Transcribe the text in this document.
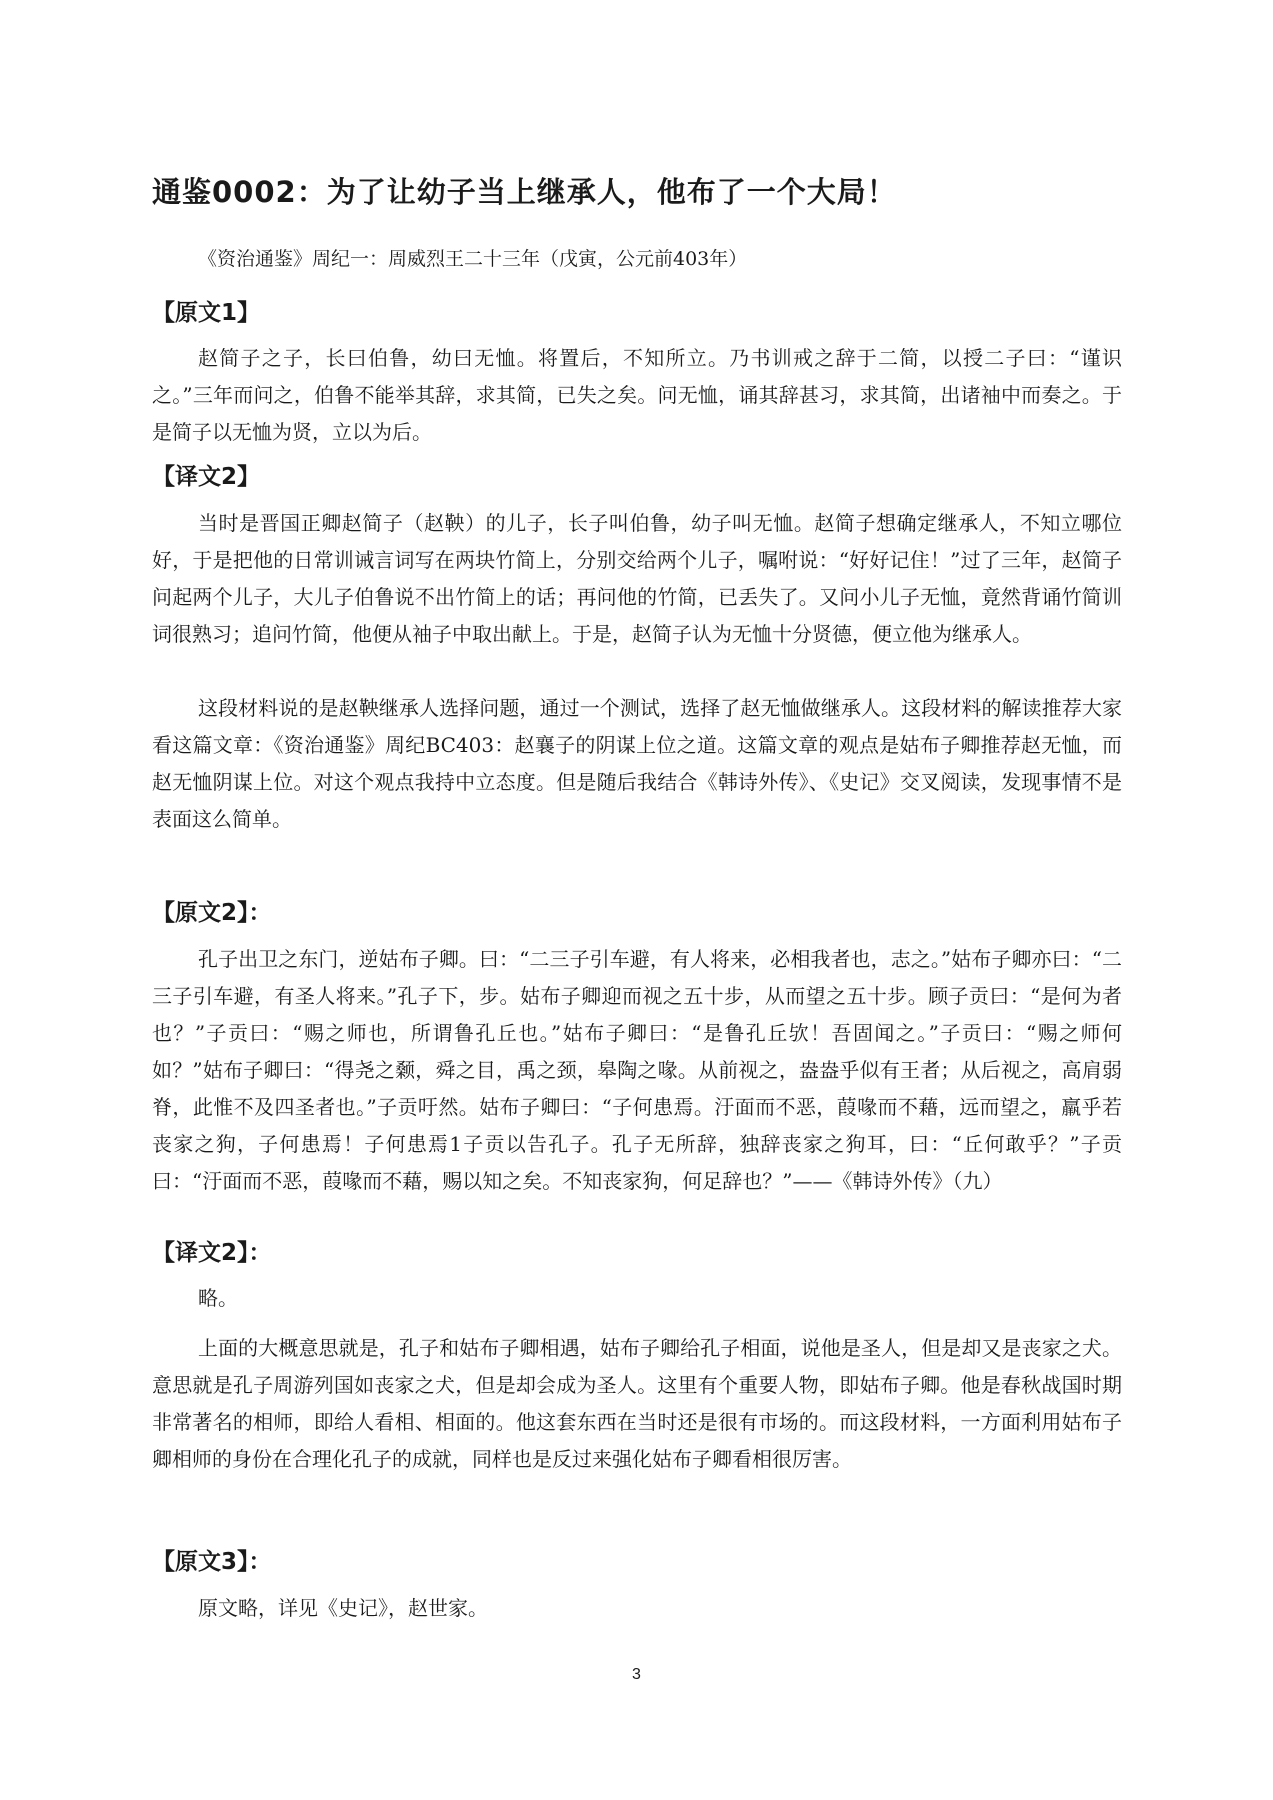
通鉴0002：为了让幼子当上继承人，他布了一个大局！
《资治通鉴》周纪一：周威烈王二十三年（戊寅，公元前403年）
【原文1】

赵简子之子，长曰伯鲁，幼曰无恤。将置后，不知所立。乃书训戒之辞于二简，以授二子曰：“谨识之。”三年而问之，伯鲁不能举其辞，求其简，已失之矣。问无恤，诵其辞甚习，求其简，出诸袖中而奏之。于是简子以无恤为贤，立以为后。

【译文2】

当时是晋国正卿赵简子（赵鞅）的儿子，长子叫伯鲁，幼子叫无恤。赵简子想确定继承人，不知立哪位好，于是把他的日常训诫言词写在两块竹简上，分别交给两个儿子，嘱咐说：“好好记住！”过了三年，赵简子问起两个儿子，大儿子伯鲁说不出竹简上的话；再问他的竹简，已丢失了。又问小儿子无恤，竟然背诵竹简训词很熟习；追问竹简，他便从袖子中取出献上。于是，赵简子认为无恤十分贤德，便立他为继承人。

这段材料说的是赵鞅继承人选择问题，通过一个测试，选择了赵无恤做继承人。这段材料的解读推荐大家看这篇文章：《资治通鉴》周纪BC403：赵襄子的阴谋上位之道。这篇文章的观点是姑布子卿推荐赵无恤，而赵无恤阴谋上位。对这个观点我持中立态度。但是随后我结合《韩诗外传》、《史记》交叉阅读，发现事情不是表面这么简单。

【原文2】：

孔子出卫之东门，逆姑布子卿。曰：“二三子引车避，有人将来，必相我者也，志之。”姑布子卿亦曰：“二三子引车避，有圣人将来。”孔子下，步。姑布子卿迎而视之五十步，从而望之五十步。顾子贡曰：“是何为者也？”子贡曰：“赐之师也，所谓鲁孔丘也。”姑布子卿曰：“是鲁孔丘欤！吾固闻之。”子贡曰：“赐之师何如？”姑布子卿曰：“得尧之颡，舜之目，禹之颈，皋陶之喙。从前视之，盎盎乎似有王者；从后视之，高肩弱脊，此惟不及四圣者也。”子贡吁然。姑布子卿曰：“子何患焉。汙面而不恶，葭喙而不藉，远而望之，羸乎若丧家之狗，子何患焉！子何患焉1子贡以告孔子。孔子无所辞，独辞丧家之狗耳，曰：“丘何敢乎？”子贡曰：“汙面而不恶，葭喙而不藉，赐以知之矣。不知丧家狗，何足辞也？”——《韩诗外传》（九）

【译文2】：

略。

上面的大概意思就是，孔子和姑布子卿相遇，姑布子卿给孔子相面，说他是圣人，但是却又是丧家之犬。意思就是孔子周游列国如丧家之犬，但是却会成为圣人。这里有个重要人物，即姑布子卿。他是春秋战国时期非常著名的相师，即给人看相、相面的。他这套东西在当时还是很有市场的。而这段材料，一方面利用姑布子卿相师的身份在合理化孔子的成就，同样也是反过来强化姑布子卿看相很厉害。

【原文3】：

原文略，详见《史记》，赵世家。

3
